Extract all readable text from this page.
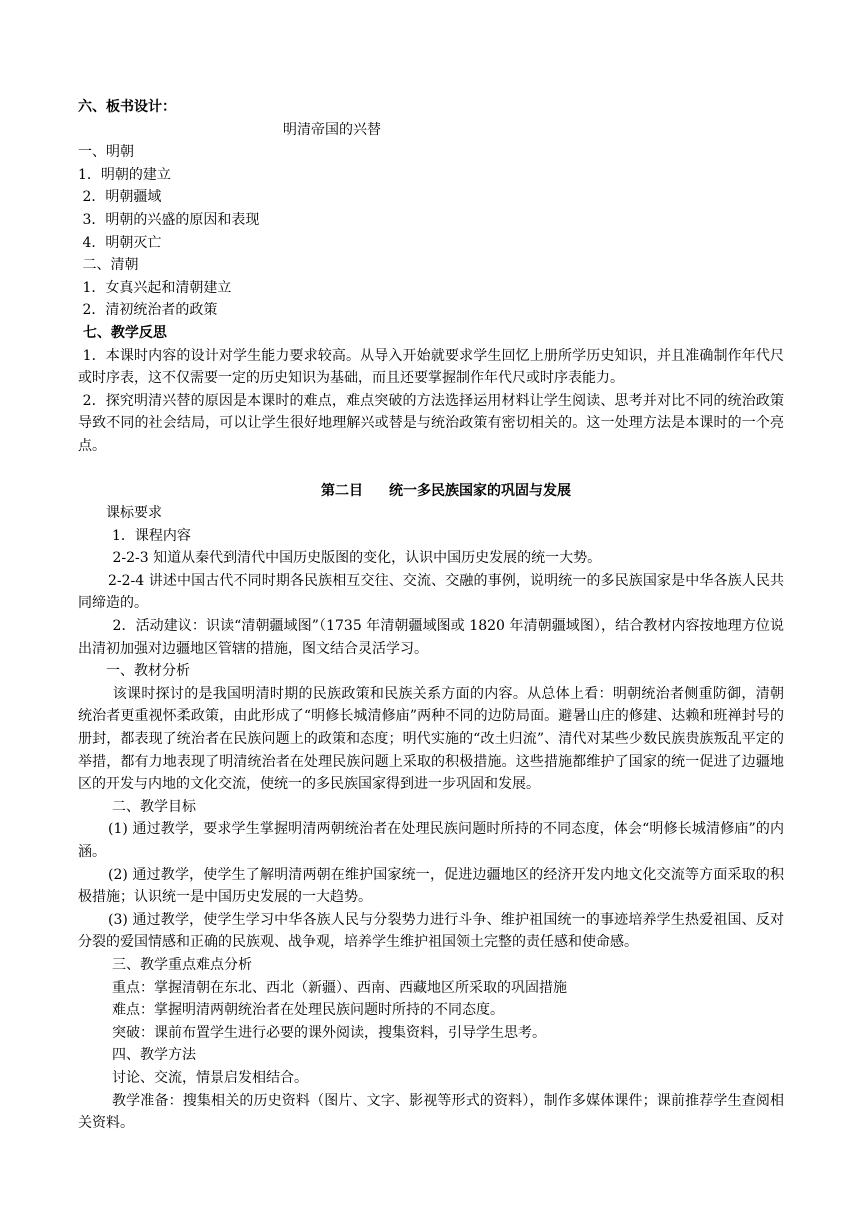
六、板书设计：
明清帝国的兴替
一、明朝
1．明朝的建立
2．明朝疆域
3．明朝的兴盛的原因和表现
4．明朝灭亡
二、清朝
1．女真兴起和清朝建立
2．清初统治者的政策
七、教学反思

1．本课时内容的设计对学生能力要求较高。从导入开始就要求学生回忆上册所学历史知识，并且准确制作年代尺或时序表，这不仅需要一定的历史知识为基础，而且还要掌握制作年代尺或时序表能力。

2．探究明清兴替的原因是本课时的难点，难点突破的方法选择运用材料让学生阅读、思考并对比不同的统治政策导致不同的社会结局，可以让学生很好地理解兴或替是与统治政策有密切相关的。这一处理方法是本课时的一个亮点。

第二目 统一多民族国家的巩固与发展
课标要求
1．课程内容

2-2-3 知道从秦代到清代中国历史版图的变化，认识中国历史发展的统一大势。

2-2-4 讲述中国古代不同时期各民族相互交往、交流、交融的事例，说明统一的多民族国家是中华各族人民共同缔造的。

2．活动建议：识读“清朝疆域图”（1735 年清朝疆域图或 1820 年清朝疆域图），结合教材内容按地理方位说出清初加强对边疆地区管辖的措施，图文结合灵活学习。

一、教材分析

该课时探讨的是我国明清时期的民族政策和民族关系方面的内容。从总体上看：明朝统治者侧重防御，清朝统治者更重视怀柔政策，由此形成了“明修长城清修庙”两种不同的边防局面。避暑山庄的修建、达赖和班禅封号的册封，都表现了统治者在民族问题上的政策和态度；明代实施的“改土归流”、清代对某些少数民族贵族叛乱平定的举措，都有力地表现了明清统治者在处理民族问题上采取的积极措施。这些措施都维护了国家的统一促进了边疆地区的开发与内地的文化交流，使统一的多民族国家得到进一步巩固和发展。

二、教学目标

(1) 通过教学，要求学生掌握明清两朝统治者在处理民族问题时所持的不同态度，体会“明修长城清修庙”的内涵。

(2) 通过教学，使学生了解明清两朝在维护国家统一，促进边疆地区的经济开发内地文化交流等方面采取的积极措施；认识统一是中国历史发展的一大趋势。

(3) 通过教学，使学生学习中华各族人民与分裂势力进行斗争、维护祖国统一的事迹培养学生热爱祖国、反对分裂的爱国情感和正确的民族观、战争观，培养学生维护祖国领土完整的责任感和使命感。

三、教学重点难点分析
重点：掌握清朝在东北、西北（新疆）、西南、西藏地区所采取的巩固措施
难点：掌握明清两朝统治者在处理民族问题时所持的不同态度。
突破：课前布置学生进行必要的课外阅读，搜集资料，引导学生思考。
四、教学方法
讨论、交流，情景启发相结合。

教学准备：搜集相关的历史资料（图片、文字、影视等形式的资料），制作多媒体课件；课前推荐学生查阅相关资料。
